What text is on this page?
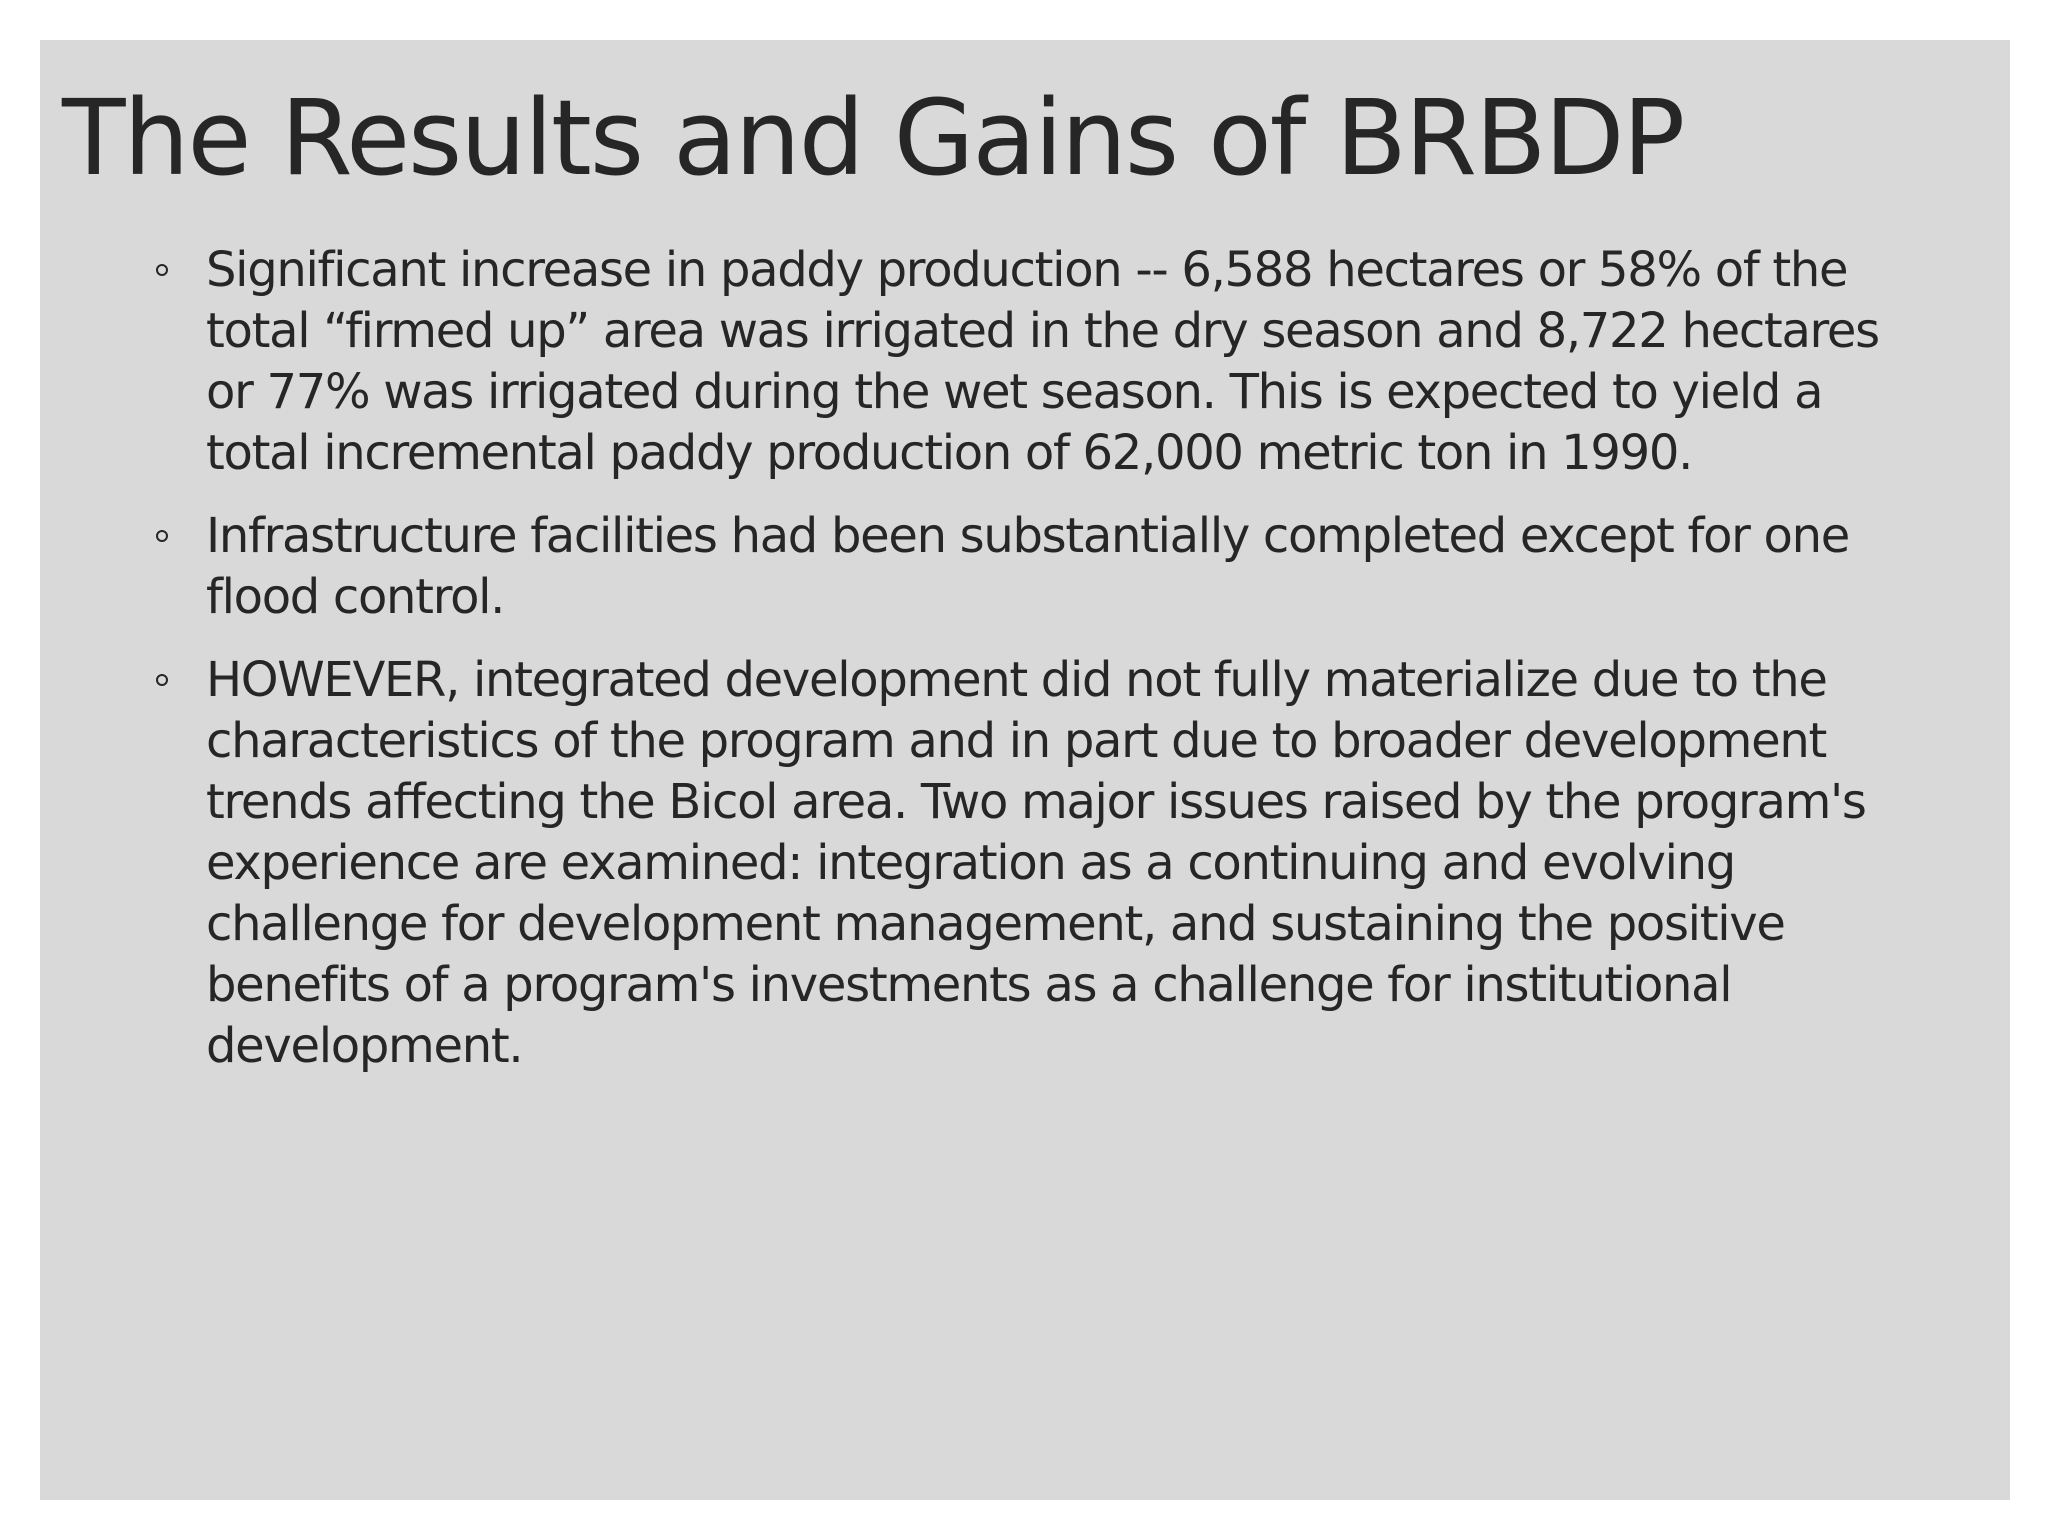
The Results and Gains of BRBDP
Significant increase in paddy production -- 6,588 hectares or 58% of the total “firmed up” area was irrigated in the dry season and 8,722 hectares or 77% was irrigated during the wet season. This is expected to yield a total incremental paddy production of 62,000 metric ton in 1990.
Infrastructure facilities had been substantially completed except for one flood control.
HOWEVER, integrated development did not fully materialize due to the characteristics of the program and in part due to broader development trends affecting the Bicol area. Two major issues raised by the program's experience are examined: integration as a continuing and evolving challenge for development management, and sustaining the positive benefits of a program's investments as a challenge for institutional development.
